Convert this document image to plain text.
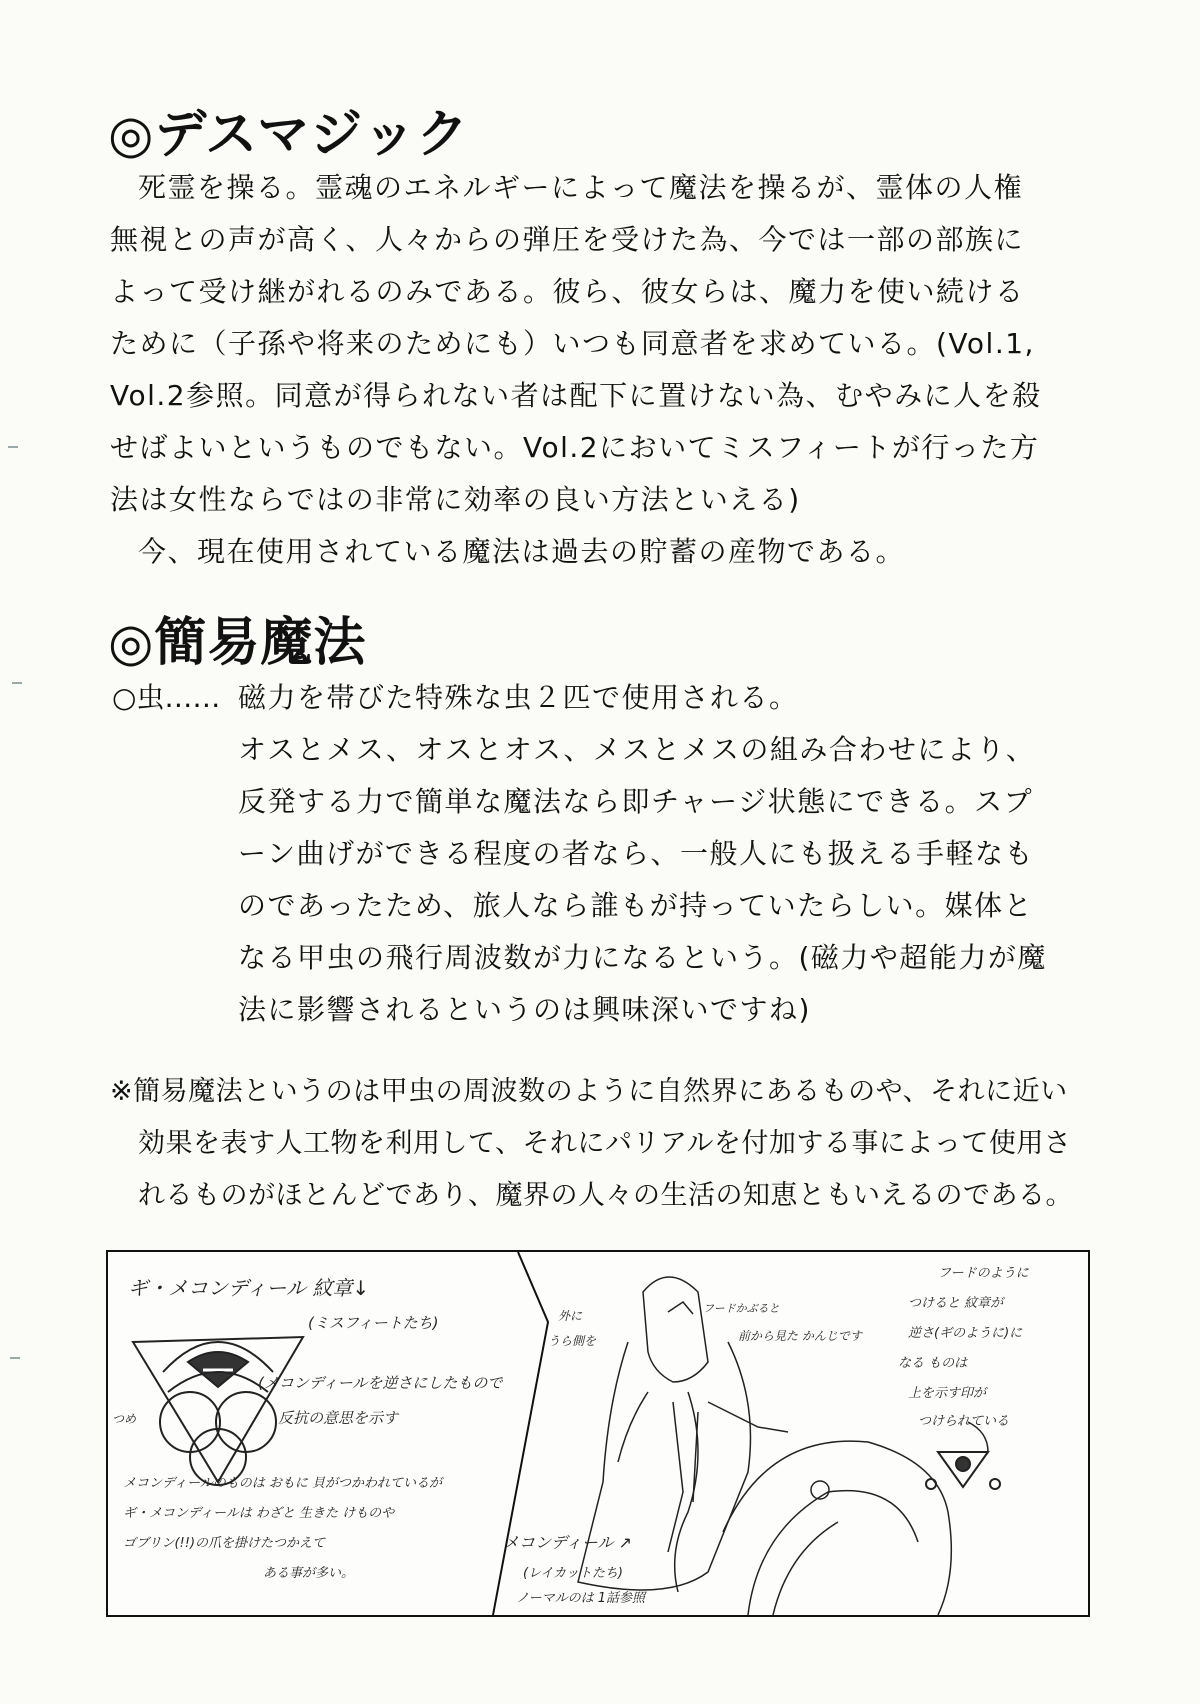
◎デスマジック

死霊を操る。霊魂のエネルギーによって魔法を操るが、霊体の人権

無視との声が高く、人々からの弾圧を受けた為、今では一部の部族に

よって受け継がれるのみである。彼ら、彼女らは、魔力を使い続ける

ために（子孫や将来のためにも）いつも同意者を求めている。(Vol.1,

Vol.2参照。同意が得られない者は配下に置けない為、むやみに人を殺

せばよいというものでもない。Vol.2においてミスフィートが行った方

法は女性ならではの非常に効率の良い方法といえる)

今、現在使用されている魔法は過去の貯蓄の産物である。

◎簡易魔法
○虫…… 磁力を帯びた特殊な虫２匹で使用される。

オスとメス、オスとオス、メスとメスの組み合わせにより、

反発する力で簡単な魔法なら即チャージ状態にできる。スプ

ーン曲げができる程度の者なら、一般人にも扱える手軽なも

のであったため、旅人なら誰もが持っていたらしい。媒体と

なる甲虫の飛行周波数が力になるという。(磁力や超能力が魔

法に影響されるというのは興味深いですね)

※簡易魔法というのは甲虫の周波数のように自然界にあるものや、それに近い

効果を表す人工物を利用して、それにパリアルを付加する事によって使用さ

れるものがほとんどであり、魔界の人々の生活の知恵ともいえるのである。

ギ・メコンディール 紋章↓
(ミスフィートたち)
(メコンディールを逆さにしたもので
反抗の意思を示す
つめ
メコンディールのものは おもに 貝がつかわれているが
ギ・メコンディールは わざと 生きた けものや
ゴブリン(!!)の爪を掛けたつかえて
ある事が多い。
外に
うら側を
フードかぶると
前から見た かんじです
フードのように
つけると 紋章が
逆さ(ギのように)に
なる ものは
上を示す印が
つけられている
メコンディール ↗
(レイカットたち)
ノーマルのは 1話参照
